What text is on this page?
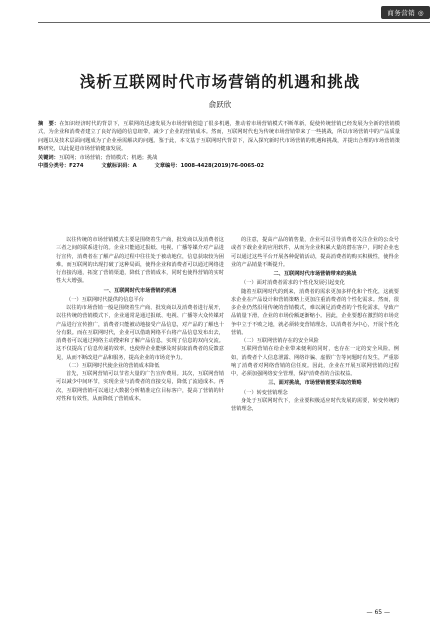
商务营销 ◎
浅析互联网时代市场营销的机遇和挑战
俞跃欣
摘　要：在知识经济时代的背景下，互联网的迅速发展为市场营销创造了很多机遇，推动着市场营销模式不断革新，促使传统营销已经发展为全新的营销模式，为企业和消费者建立了良好沟通的信息纽带，减少了企业的营销成本。然而，互联网时代也为传统市场营销带来了一些挑战，所以市场营销中的产品质量问题以及技术层面问题成为了企业亟需解决的问题。鉴于此，本文基于互联网时代背景下，深入探究新时代市场营销的机遇和挑战，并提出合理的市场营销策略研究，以此促进市场营销健康发展。
关键词：互联网；市场营销；营销模式；机遇；挑战
中图分类号：F274	文献标识码：A	文章编号：1008-4428(2019)76-0065-02

以往传统的市场营销模式主要是围绕着生产商，批发商以及消费者这三者之间的联系进行的。企业只能通过报纸、电视、广播等媒介对产品进行宣传，消费者在了解产品的过程中往往处于被动地位，信息获取较为困难。而互联网的出现打破了这种局面，使得企业和消费者可以通过网络进行直接沟通，拓宽了营销渠道，降低了营销成本，同时也使得营销的实时性大大增强。

一、互联网时代市场营销的机遇

（一）互联网时代提供的信息平台

以往的市场营销一般是围绕着生产商、批发商以及消费者进行展开，以往传统的营销模式下，企业通常是通过报纸、电视、广播等大众传媒对产品进行宣传推广，消费者只能被动地接受产品信息，对产品的了解也十分有限。而在互联网时代，企业可以借助网络平台将产品信息发布出去，消费者可以通过网络主动搜索和了解产品信息，实现了信息的双向交流。这不仅提高了信息传递的效率，也使得企业能够及时获取消费者的反馈意见，从而不断改进产品和服务，提高企业的市场竞争力。

（二）互联网时代使企业的营销成本降低

首先，互联网营销可以节省大量的广告宣传费用。其次，互联网营销可以减少中间环节，实现企业与消费者的直接交易，降低了流通成本。再次，互联网营销可以通过大数据分析精准定位目标客户，提高了营销的针对性和有效性，从而降低了营销成本。

的注意，提高产品的销售量，企业可以引导消费者关注企业的公众号或者下载企业的应用软件，从而为企业积累大量的潜在客户，同时企业也可以通过这些平台开展各种促销活动，提高消费者的购买积极性，使得企业的产品销量不断提升。

二、互联网时代市场营销带来的挑战

（一）面对消费者需求的个性化发展引起变化

随着互联网时代的到来，消费者的需求更加多样化和个性化，这就要求企业在产品设计和营销策略上更加注重消费者的个性化需求。然而，很多企业仍然沿用传统的营销模式，难以满足消费者的个性化需求，导致产品销量下滑，企业的市场份额逐渐缩小。因此，企业要想在激烈的市场竞争中立于不败之地，就必须转变营销理念，以消费者为中心，开展个性化营销。

（二）互联网营销存在的安全风险

互联网营销在给企业带来便利的同时，也存在一定的安全风险。例如，消费者个人信息泄露、网络诈骗、虚假广告等问题时有发生，严重影响了消费者对网络营销的信任度。因此，企业在开展互联网营销的过程中，必须加强网络安全管理，保护消费者的合法权益。

三、面对挑战，市场营销需要采取的策略

（一）转变营销理念

身处于互联网时代下，企业要积极适应时代发展的需要，转变传统的营销理念，

— 65 —
